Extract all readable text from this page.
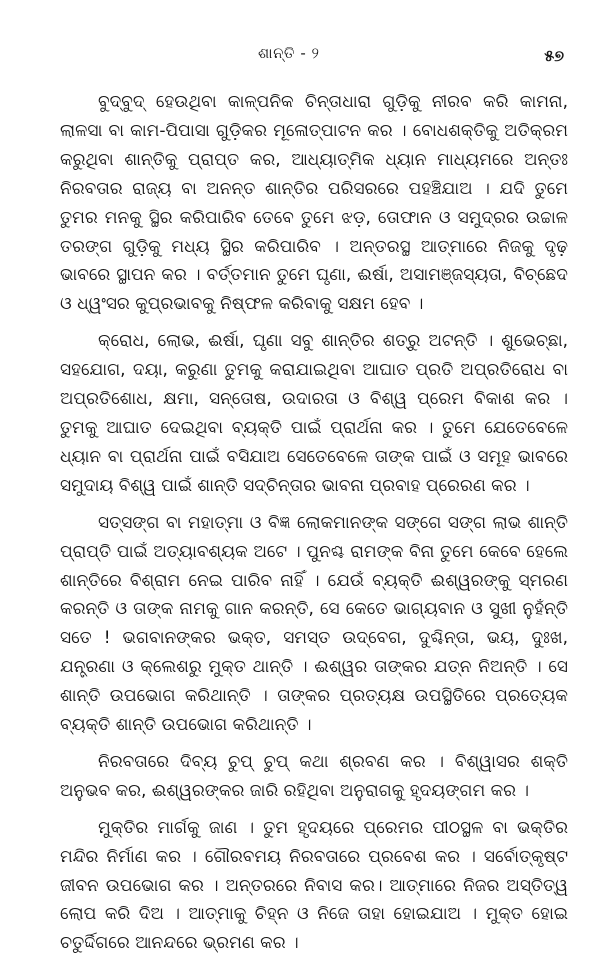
ଶାନ୍ତି - ୨	୫୭

ବୁଦ୍‌ବୁଦ୍ ହେଉଥିବା କାଳ୍ପନିକ ଚିନ୍ତାଧାରା ଗୁଡ଼ିକୁ ନୀରବ କରି କାମନା, ଲାଳସା ବା କାମ-ପିପାସା ଗୁଡ଼ିକର ମୂଳୋତ୍ପାଟନ କର । ବୋଧଶକ୍ତିକୁ ଅତିକ୍ରମ କରୁଥିବା ଶାନ୍ତିକୁ ପ୍ରାପ୍ତ କର, ଆଧ୍ୟାତ୍ମିକ ଧ୍ୟାନ ମାଧ୍ୟମରେ ଅନ୍ତଃ ନିରବତାର ରାଜ୍ୟ ବା ଅନନ୍ତ ଶାନ୍ତିର ପରିସରରେ ପହଞ୍ଚିଯାଅ । ଯଦି ତୁମେ ତୁମର ମନକୁ ସ୍ଥିର କରିପାରିବ ତେବେ ତୁମେ ଝଡ଼, ତୋଫାନ ଓ ସମୁଦ୍ରର ଉଚ୍ଚାଳ ତରଙ୍ଗ ଗୁଡ଼ିକୁ ମଧ୍ୟ ସ୍ଥିର କରିପାରିବ । ଅନ୍ତରସ୍ଥ ଆତ୍ମାରେ ନିଜକୁ ଦୃଢ଼ ଭାବରେ ସ୍ଥାପନ କର । ବର୍ତ୍ତମାନ ତୁମେ ଘୃଣା, ଈର୍ଷା, ଅସାମଞ୍ଜସ୍ୟତା, ବିଚ୍ଛେଦ ଓ ଧ୍ୱଂସର କୁପ୍ରଭାବକୁ ନିଷ୍ଫଳ କରିବାକୁ ସକ୍ଷମ ହେବ ।

କ୍ରୋଧ, ଲୋଭ, ଈର୍ଷା, ଘୃଣା ସବୁ ଶାନ୍ତିର ଶତ୍ରୁ ଅଟନ୍ତି । ଶୁଭେଚ୍ଛା, ସହଯୋଗ, ଦୟା, କରୁଣା ତୁମକୁ କରାଯାଇଥିବା ଆଘାତ ପ୍ରତି ଅପ୍ରତିରୋଧ ବା ଅପ୍ରତିଶୋଧ, କ୍ଷମା, ସନ୍ତୋଷ, ଉଦାରତା ଓ ବିଶ୍ୱ ପ୍ରେମ ବିକାଶ କର । ତୁମକୁ ଆଘାତ ଦେଇଥିବା ବ୍ୟକ୍ତି ପାଇଁ ପ୍ରାର୍ଥନା କର । ତୁମେ ଯେତେବେଳେ ଧ୍ୟାନ ବା ପ୍ରାର୍ଥନା ପାଇଁ ବସିଯାଅ ସେତେବେଳେ ତାଙ୍କ ପାଇଁ ଓ ସମୂହ ଭାବରେ ସମୁଦାୟ ବିଶ୍ୱ ପାଇଁ ଶାନ୍ତି ସଦ୍ଚିନ୍ତାର ଭାବନା ପ୍ରବାହ ପ୍ରେରଣ କର ।

ସତ୍ସଙ୍ଗ ବା ମହାତ୍ମା ଓ ବିଜ୍ଞ ଲୋକମାନଙ୍କ ସଙ୍ଗେ ସଙ୍ଗ ଲାଭ ଶାନ୍ତି ପ୍ରାପ୍ତି ପାଇଁ ଅତ୍ୟାବଶ୍ୟକ ଅଟେ । ପୁନଶ୍ଚ ରାମଙ୍କ ବିନା ତୁମେ କେବେ ହେଲେ ଶାନ୍ତିରେ ବିଶ୍ରାମ ନେଇ ପାରିବ ନାହିଁ । ଯେଉଁ ବ୍ୟକ୍ତି ଈଶ୍ୱରଙ୍କୁ ସ୍ମରଣ କରନ୍ତି ଓ ତାଙ୍କ ନାମକୁ ଗାନ କରନ୍ତି, ସେ କେତେ ଭାଗ୍ୟବାନ ଓ ସୁଖୀ ନୁହଁନ୍ତି ସତେ ! ଭଗବାନଙ୍କର ଭକ୍ତ, ସମସ୍ତ ଉଦ୍‌ବେଗ, ଦୁଶ୍ଚିନ୍ତା, ଭୟ, ଦୁଃଖ, ଯନ୍ତ୍ରଣା ଓ କ୍ଲେଶରୁ ମୁକ୍ତ ଥାନ୍ତି । ଈଶ୍ୱର ତାଙ୍କର ଯତ୍ନ ନିଅନ୍ତି । ସେ ଶାନ୍ତି ଉପଭୋଗ କରିଥାନ୍ତି । ତାଙ୍କର ପ୍ରତ୍ୟକ୍ଷ ଉପସ୍ଥିତିରେ ପ୍ରତ୍ୟେକ ବ୍ୟକ୍ତି ଶାନ୍ତି ଉପଭୋଗ କରିଥାନ୍ତି ।

ନିରବତାରେ ଦିବ୍ୟ ଚୁପ୍ ଚୁପ୍ କଥା ଶ୍ରବଣ କର । ବିଶ୍ୱାସର ଶକ୍ତି ଅନୁଭବ କର, ଈଶ୍ୱରଙ୍କର ଜାରି ରହିଥିବା ଅନୁରାଗକୁ ହୃଦୟଙ୍ଗମ କର ।

ମୁକ୍ତିର ମାର୍ଗକୁ ଜାଣ । ତୁମ ହୃଦୟରେ ପ୍ରେମର ପୀଠସ୍ଥଳ ବା ଭକ୍ତିର ମନ୍ଦିର ନିର୍ମାଣ କର । ଗୌରବମୟ ନିରବତାରେ ପ୍ରବେଶ କର । ସର୍ବୋତ୍କୃଷ୍ଟ ଜୀବନ ଉପଭୋଗ କର । ଅନ୍ତରରେ ନିବାସ କର। ଆତ୍ମାରେ ନିଜର ଅସ୍ତିତ୍ୱ ଲୋପ କରି ଦିଅ । ଆତ୍ମାକୁ ଚିହ୍ନ ଓ ନିଜେ ତାହା ହୋଇଯାଅ । ମୁକ୍ତ ହୋଇ ଚତୁର୍ଦ୍ଦିଗରେ ଆନନ୍ଦରେ ଭ୍ରମଣ କର ।
